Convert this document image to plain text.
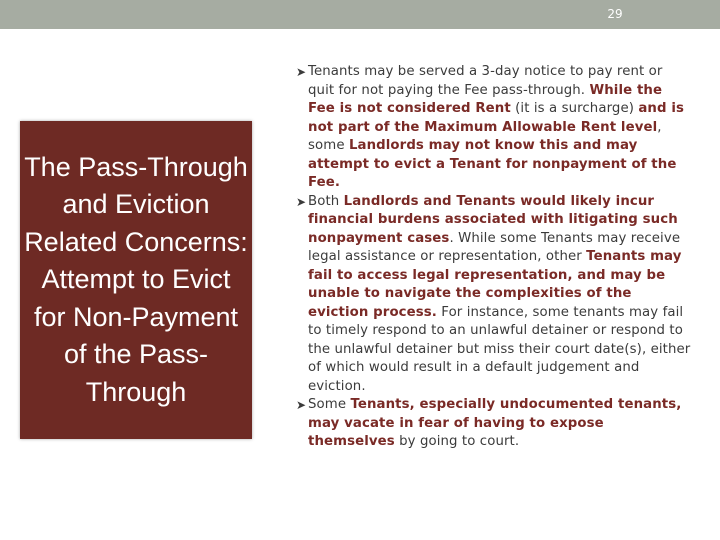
29
The Pass-Through and Eviction Related Concerns: Attempt to Evict for Non-Payment of the Pass-Through
➤ Tenants may be served a 3-day notice to pay rent or quit for not paying the Fee pass-through. While the Fee is not considered Rent (it is a surcharge) and is not part of the Maximum Allowable Rent level, some Landlords may not know this and may attempt to evict a Tenant for nonpayment of the Fee.
➤ Both Landlords and Tenants would likely incur financial burdens associated with litigating such nonpayment cases. While some Tenants may receive legal assistance or representation, other Tenants may fail to access legal representation, and may be unable to navigate the complexities of the eviction process. For instance, some tenants may fail to timely respond to an unlawful detainer or respond to the unlawful detainer but miss their court date(s), either of which would result in a default judgement and eviction.
➤ Some Tenants, especially undocumented tenants, may vacate in fear of having to expose themselves by going to court.
